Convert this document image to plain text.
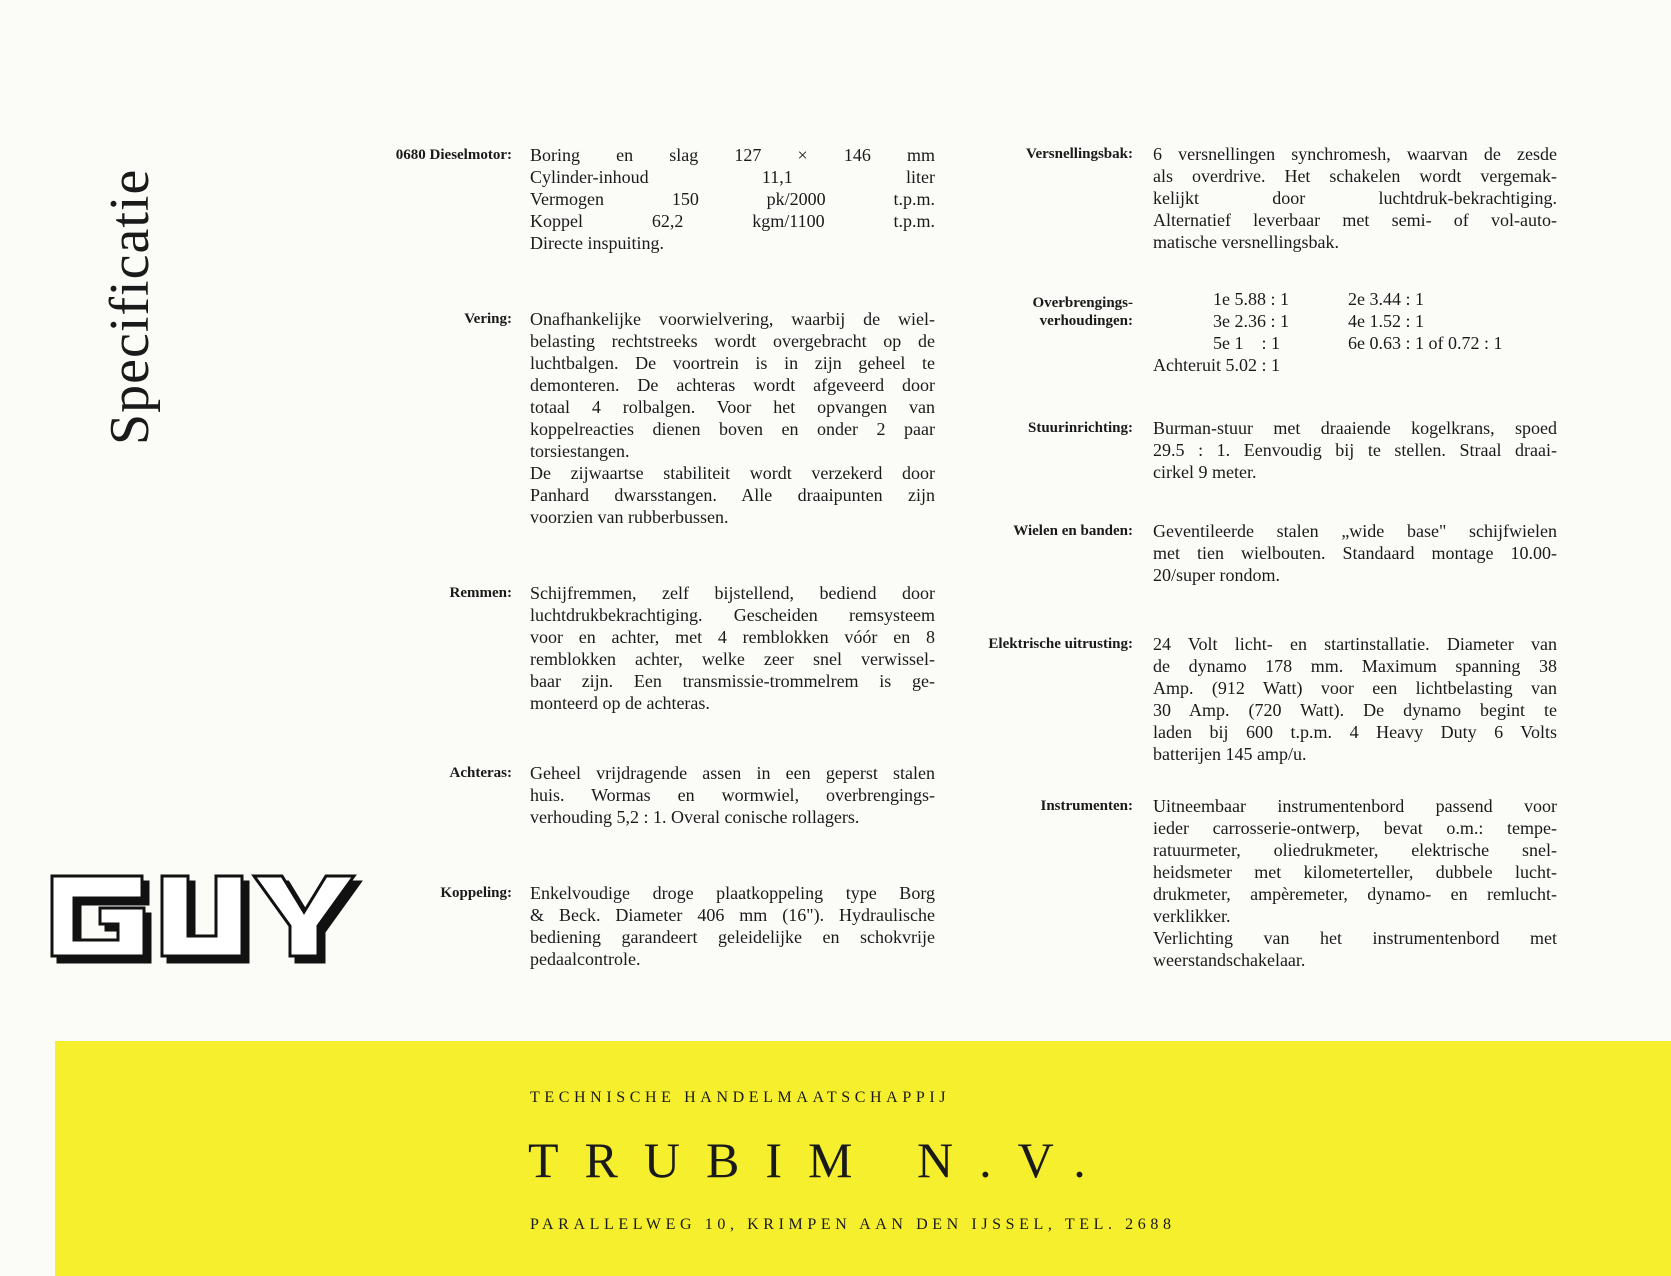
Specificatie
0680 Dieselmotor: Boring en slag 127 × 146 mm
Cylinder-inhoud 11,1 liter
Vermogen 150 pk/2000 t.p.m.
Koppel 62,2 kgm/1100 t.p.m.
Directe inspuiting.
Vering: Onafhankelijke voorwielvering, waarbij de wiel-
belasting rechtstreeks wordt overgebracht op de
luchtbalgen. De voortrein is in zijn geheel te
demonteren. De achteras wordt afgeveerd door
totaal 4 rolbalgen. Voor het opvangen van
koppelreacties dienen boven en onder 2 paar
torsiestangen.
De zijwaartse stabiliteit wordt verzekerd door
Panhard dwarsstangen. Alle draaipunten zijn
voorzien van rubberbussen.
Remmen: Schijfremmen, zelf bijstellend, bediend door
luchtdrukbekrachtiging. Gescheiden remsysteem
voor en achter, met 4 remblokken vóór en 8
remblokken achter, welke zeer snel verwissel-
baar zijn. Een transmissie-trommelrem is ge-
monteerd op de achteras.
Achteras: Geheel vrijdragende assen in een geperst stalen
huis. Wormas en wormwiel, overbrengings-
verhouding 5,2 : 1. Overal conische rollagers.
Koppeling: Enkelvoudige droge plaatkoppeling type Borg
& Beck. Diameter 406 mm (16"). Hydraulische
bediening garandeert geleidelijke en schokvrije
pedaalcontrole.
Versnellingsbak: 6 versnellingen synchromesh, waarvan de zesde
als overdrive. Het schakelen wordt vergemak-
kelijkt door luchtdruk-bekrachtiging.
Alternatief leverbaar met semi- of vol-auto-
matische versnellingsbak.
Overbrengings-
verhoudingen:
1e 5.88 : 1
3e 2.36 : 1
5e 1    : 1
2e 3.44 : 1
4e 1.52 : 1
6e 0.63 : 1 of 0.72 : 1
Achteruit 5.02 : 1
Stuurinrichting: Burman-stuur met draaiende kogelkrans, spoed
29.5 : 1. Eenvoudig bij te stellen. Straal draai-
cirkel 9 meter.
Wielen en banden: Geventileerde stalen „wide base" schijfwielen
met tien wielbouten. Standaard montage 10.00-
20/super rondom.
Elektrische uitrusting: 24 Volt licht- en startinstallatie. Diameter van
de dynamo 178 mm. Maximum spanning 38
Amp. (912 Watt) voor een lichtbelasting van
30 Amp. (720 Watt). De dynamo begint te
laden bij 600 t.p.m. 4 Heavy Duty 6 Volts
batterijen 145 amp/u.
Instrumenten: Uitneembaar instrumentenbord passend voor
ieder carrosserie-ontwerp, bevat o.m.: tempe-
ratuurmeter, oliedrukmeter, elektrische snel-
heidsmeter met kilometerteller, dubbele lucht-
drukmeter, ampèremeter, dynamo- en remlucht-
verklikker.
Verlichting van het instrumentenbord met
weerstandschakelaar.
TECHNISCHE HANDELMAATSCHAPPIJ
TRUBIM N.V.
PARALLELWEG 10, KRIMPEN AAN DEN IJSSEL, TEL. 2688
